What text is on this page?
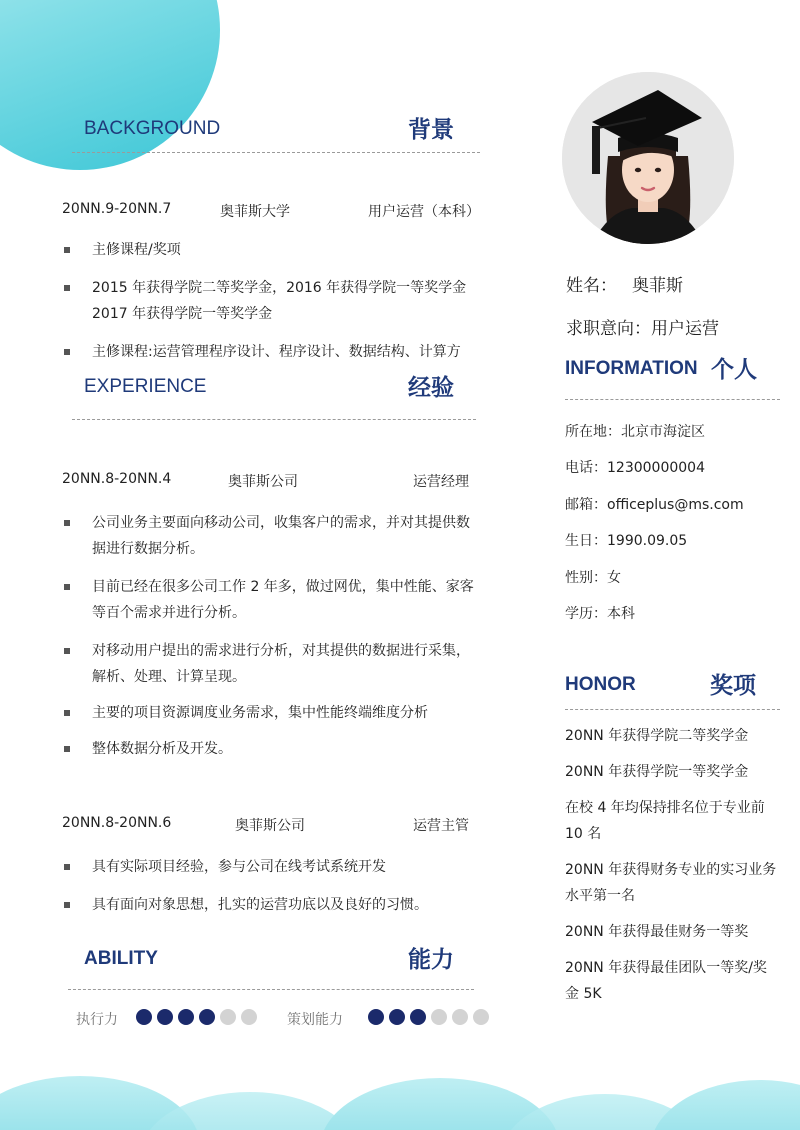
BACKGROUND	背景
20NN.9-20NN.7	奥菲斯大学	用户运营（本科）
主修课程/奖项
2015 年获得学院二等奖学金，2016 年获得学院一等奖学金 2017 年获得学院一等奖学金
主修课程:运营管理程序设计、程序设计、数据结构、计算方
EXPERIENCE	经验
20NN.8-20NN.4	奥菲斯公司	运营经理
公司业务主要面向移动公司，收集客户的需求，并对其提供数据进行数据分析。
目前已经在很多公司工作 2 年多，做过网优，集中性能、家客等百个需求并进行分析。
对移动用户提出的需求进行分析，对其提供的数据进行采集，解析、处理、计算呈现。
主要的项目资源调度业务需求，集中性能终端维度分析
整体数据分析及开发。
20NN.8-20NN.6	奥菲斯公司	运营主管
具有实际项目经验，参与公司在线考试系统开发
具有面向对象思想，扎实的运营功底以及良好的习惯。
ABILITY	能力
执行力	策划能力
姓名： 奥菲斯
求职意向：用户运营
INFORMATION 个人
所在地：北京市海淀区
电话：12300000004
邮箱：officeplus@ms.com
生日：1990.09.05
性别：女
学历：本科
HONOR	奖项
20NN 年获得学院二等奖学金
20NN 年获得学院一等奖学金
在校 4 年均保持排名位于专业前 10 名
20NN 年获得财务专业的实习业务水平第一名
20NN 年获得最佳财务一等奖
20NN 年获得最佳团队一等奖/奖金 5K
